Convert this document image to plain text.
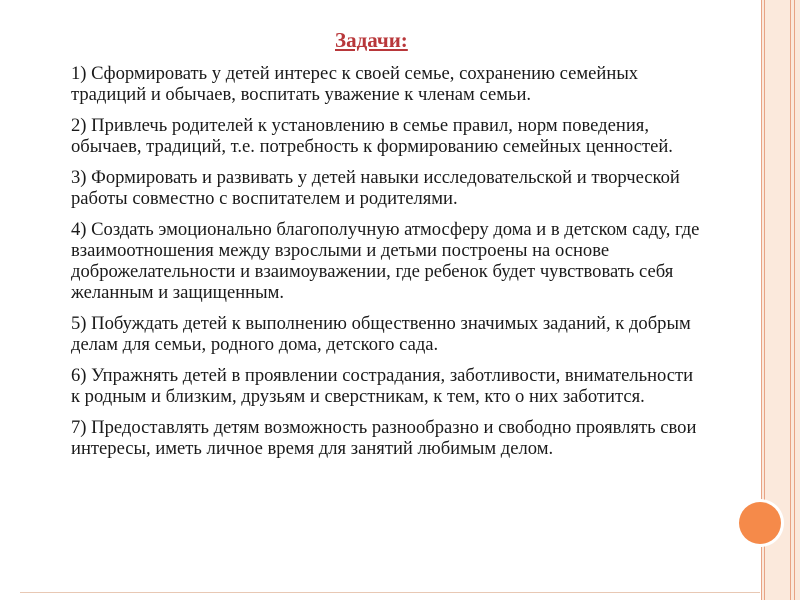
Задачи:
1) Сформировать у детей интерес к своей семье, сохранению семейных традиций и обычаев, воспитать уважение к членам семьи.
2) Привлечь родителей к установлению в семье правил, норм поведения, обычаев, традиций, т.е. потребность к формированию семейных ценностей.
3) Формировать и развивать у детей навыки исследовательской и творческой работы совместно с воспитателем и родителями.
4) Создать эмоционально благополучную атмосферу дома и в детском саду, где взаимоотношения между взрослыми и детьми построены на основе доброжелательности и взаимоуважении, где ребенок будет чувствовать себя желанным и защищенным.
5) Побуждать детей к выполнению общественно значимых заданий, к добрым делам для семьи, родного дома, детского сада.
6) Упражнять детей в проявлении сострадания, заботливости, внимательности к родным и близким, друзьям и сверстникам, к тем, кто о них заботится.
7) Предоставлять детям возможность разнообразно и свободно проявлять свои интересы, иметь личное время для занятий любимым делом.
